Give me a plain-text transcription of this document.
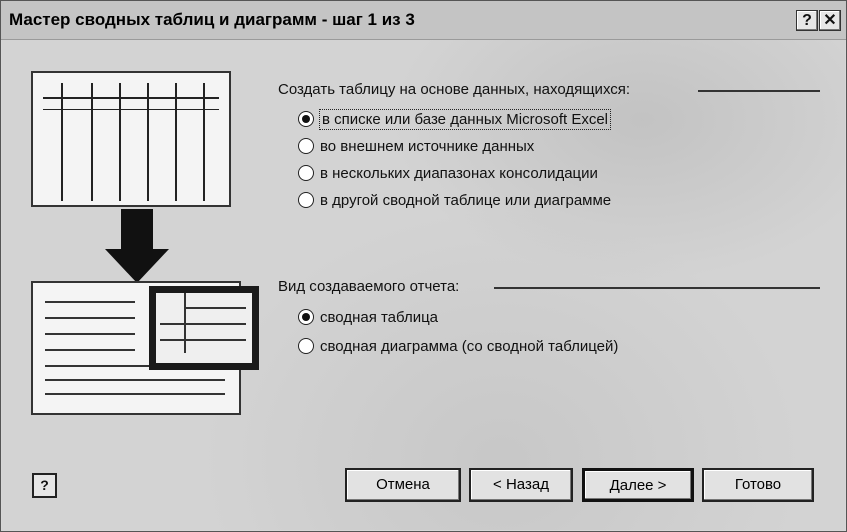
Мастер сводных таблиц и диаграмм - шаг 1 из 3	? ✕
Создать таблицу на основе данных, находящихся:
в списке или базе данных Microsoft Excel
во внешнем источнике данных
в нескольких диапазонах консолидации
в другой сводной таблице или диаграмме
Вид создаваемого отчета:
сводная таблица
сводная диаграмма (со сводной таблицей)
?	Отмена	< Назад	Далее >	Готово
